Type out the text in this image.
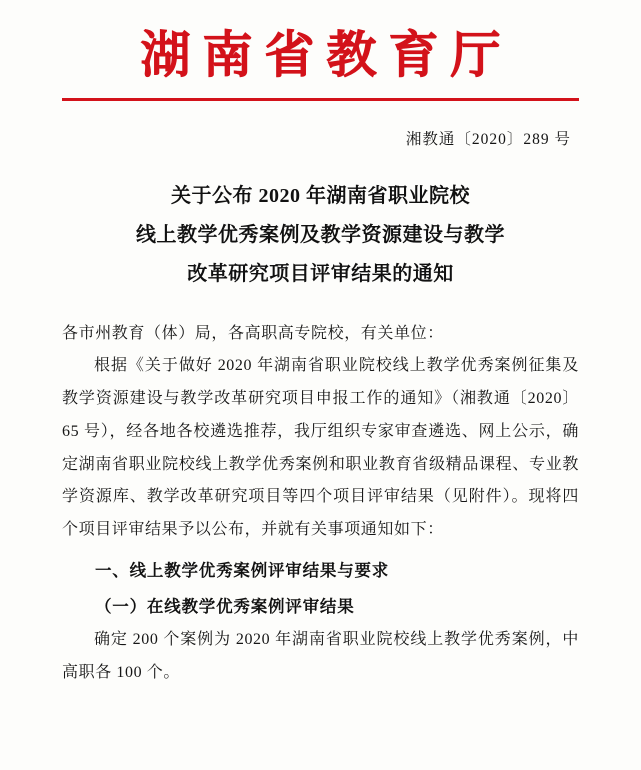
湖南省教育厅
湘教通〔2020〕289 号
关于公布 2020 年湖南省职业院校
线上教学优秀案例及教学资源建设与教学
改革研究项目评审结果的通知
各市州教育（体）局，各高职高专院校，有关单位：
根据《关于做好 2020 年湖南省职业院校线上教学优秀案例征集及教学资源建设与教学改革研究项目申报工作的通知》（湘教通〔2020〕65 号），经各地各校遴选推荐，我厅组织专家审查遴选、网上公示，确定湖南省职业院校线上教学优秀案例和职业教育省级精品课程、专业教学资源库、教学改革研究项目等四个项目评审结果（见附件）。现将四个项目评审结果予以公布，并就有关事项通知如下：
一、线上教学优秀案例评审结果与要求
（一）在线教学优秀案例评审结果
确定 200 个案例为 2020 年湖南省职业院校线上教学优秀案例，中高职各 100 个。
